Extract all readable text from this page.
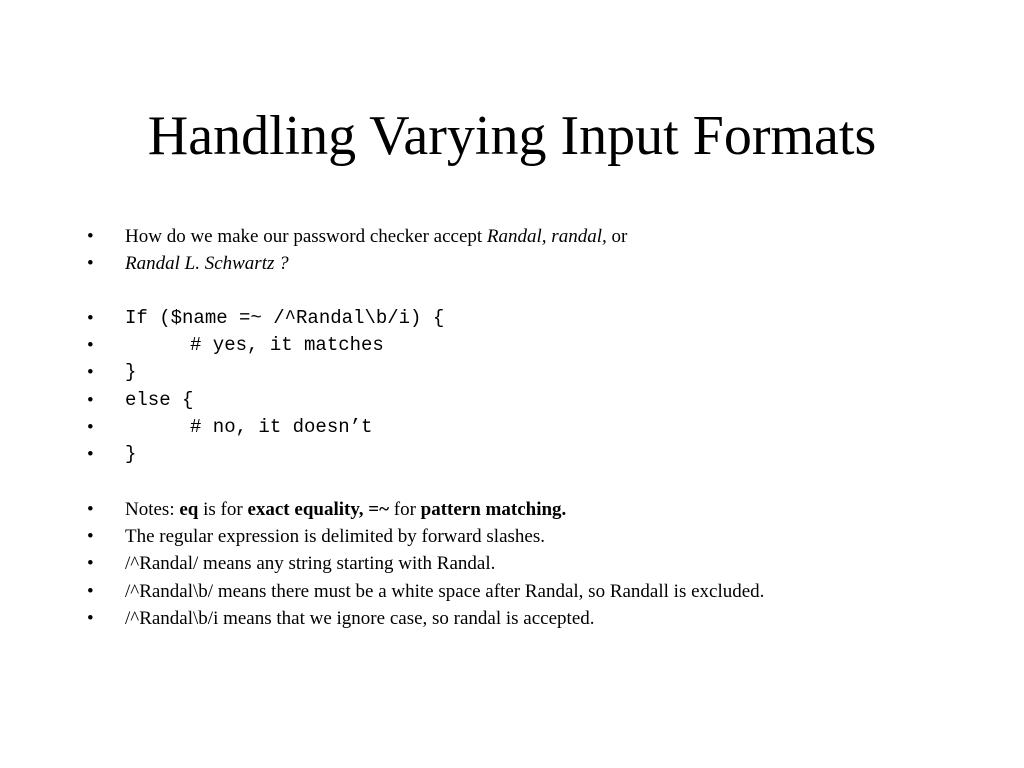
Handling Varying Input Formats
• How do we make our password checker accept Randal, randal, or
• Randal L. Schwartz ?
• If ($name =~ /^Randal\b/i) {
•	# yes, it matches
• }
• else {
•	# no, it doesn’t
• }
• Notes: eq is for exact equality, =~ for pattern matching.
• The regular expression is delimited by forward slashes.
• /^Randal/ means any string starting with Randal.
• /^Randal\b/ means there must be a white space after Randal, so Randall is excluded.
• /^Randal\b/i means that we ignore case, so randal is accepted.
